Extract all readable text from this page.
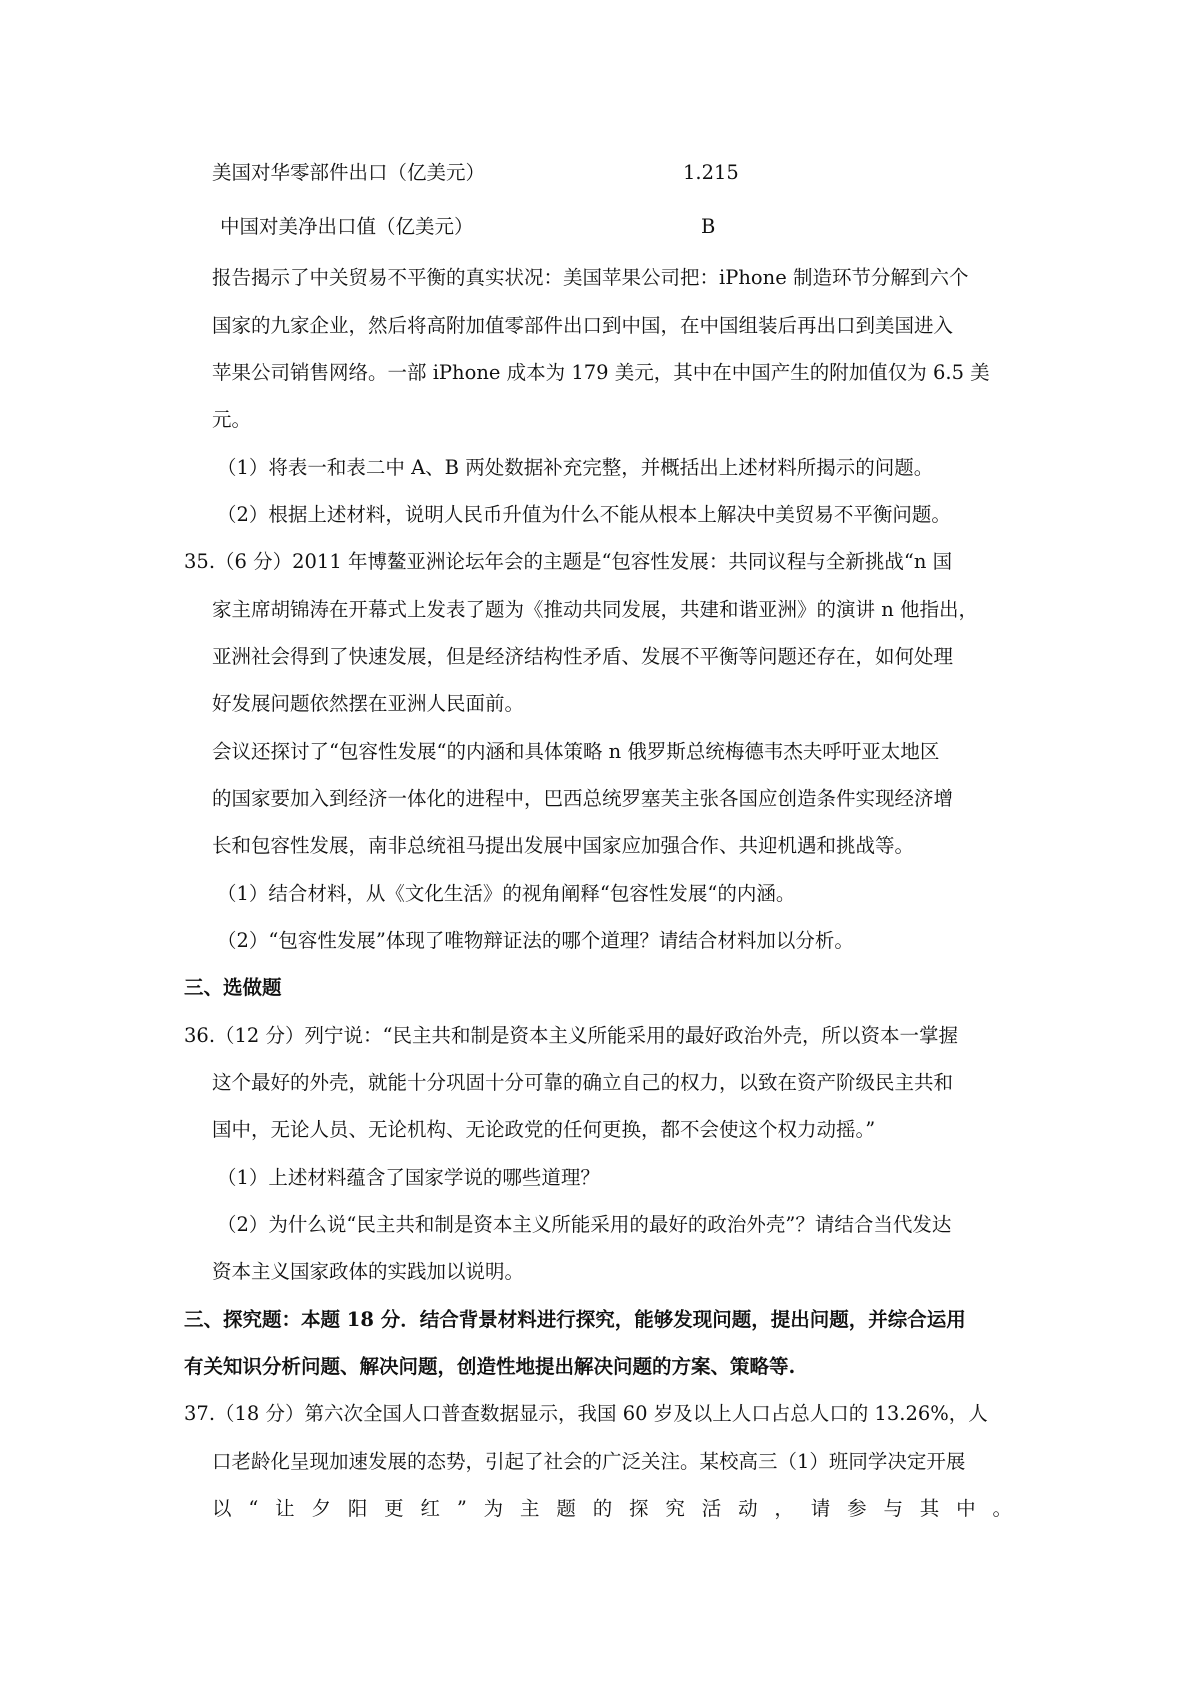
美国对华零部件出口（亿美元）	1.215
中国对美净出口值（亿美元）	B
报告揭示了中关贸易不平衡的真实状况：美国苹果公司把：iPhone 制造环节分解到六个
国家的九家企业，然后将高附加值零部件出口到中国，在中国组装后再出口到美国进入
苹果公司销售网络。一部 iPhone 成本为 179 美元，其中在中国产生的附加值仅为 6.5 美
元。
（1）将表一和表二中 A、B 两处数据补充完整，并概括出上述材料所揭示的问题。
（2）根据上述材料，说明人民币升值为什么不能从根本上解决中美贸易不平衡问题。
35.（6 分）2011 年博鳌亚洲论坛年会的主题是“包容性发展：共同议程与全新挑战“n 国
家主席胡锦涛在开幕式上发表了题为《推动共同发展，共建和谐亚洲》的演讲 n 他指出，
亚洲社会得到了快速发展，但是经济结构性矛盾、发展不平衡等问题还存在，如何处理
好发展问题依然摆在亚洲人民面前。
会议还探讨了“包容性发展“的内涵和具体策略 n 俄罗斯总统梅德韦杰夫呼吁亚太地区
的国家要加入到经济一体化的进程中，巴西总统罗塞芙主张各国应创造条件实现经济增
长和包容性发展，南非总统祖马提出发展中国家应加强合作、共迎机遇和挑战等。
（1）结合材料，从《文化生活》的视角阐释“包容性发展“的内涵。
（2）“包容性发展”体现了唯物辩证法的哪个道理？请结合材料加以分析。
三、选做题
36.（12 分）列宁说：“民主共和制是资本主义所能采用的最好政治外壳，所以资本一掌握
这个最好的外壳，就能十分巩固十分可靠的确立自己的权力，以致在资产阶级民主共和
国中，无论人员、无论机构、无论政党的任何更换，都不会使这个权力动摇。”
（1）上述材料蕴含了国家学说的哪些道理？
（2）为什么说“民主共和制是资本主义所能采用的最好的政治外壳”？请结合当代发达
资本主义国家政体的实践加以说明。
三、探究题：本题 18 分．结合背景材料进行探究，能够发现问题，提出问题，并综合运用
有关知识分析问题、解决问题，创造性地提出解决问题的方案、策略等.
37.（18 分）第六次全国人口普查数据显示，我国 60 岁及以上人口占总人口的 13.26%，人
口老龄化呈现加速发展的态势，引起了社会的广泛关注。某校高三（1）班同学决定开展
以“让夕阳更红”为主题的探究活动，请参与其中。
